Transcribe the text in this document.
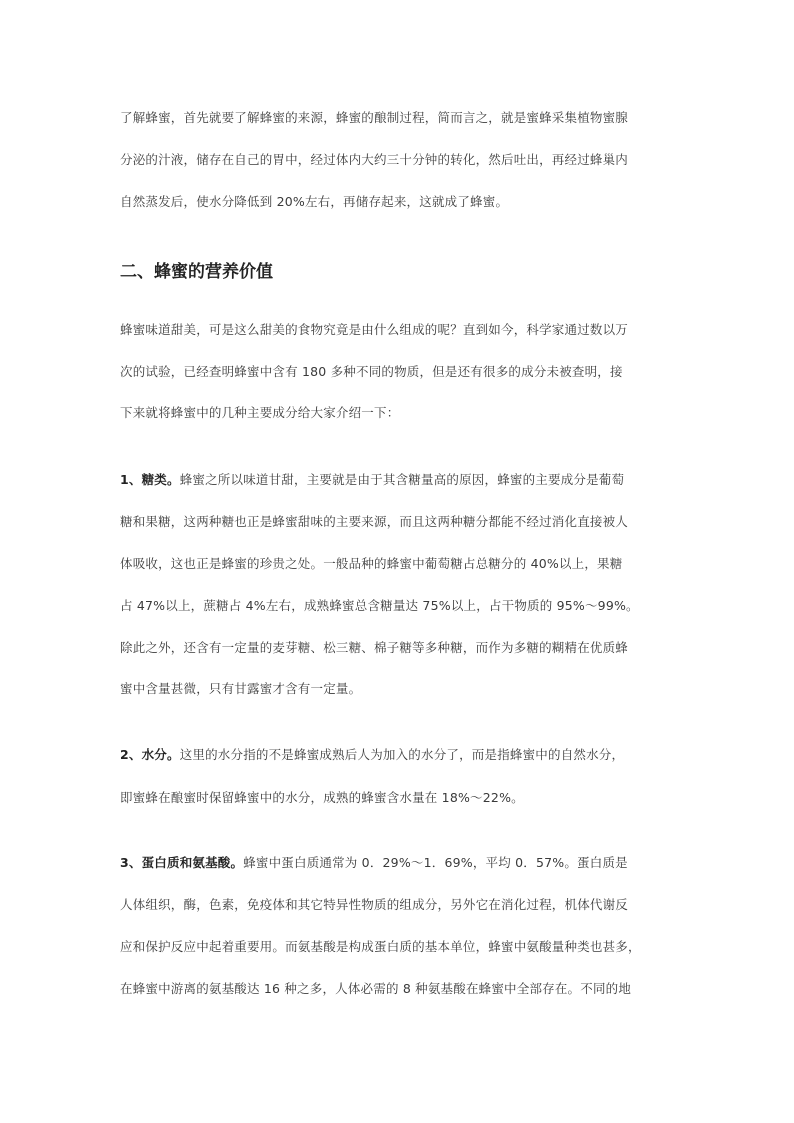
了解蜂蜜，首先就要了解蜂蜜的来源，蜂蜜的酿制过程，简而言之，就是蜜蜂采集植物蜜腺
分泌的汁液，储存在自己的胃中，经过体内大约三十分钟的转化，然后吐出，再经过蜂巢内
自然蒸发后，使水分降低到 20%左右，再储存起来，这就成了蜂蜜。
二、蜂蜜的营养价值
蜂蜜味道甜美，可是这么甜美的食物究竟是由什么组成的呢？直到如今，科学家通过数以万
次的试验，已经查明蜂蜜中含有 180 多种不同的物质，但是还有很多的成分未被查明，接
下来就将蜂蜜中的几种主要成分给大家介绍一下：
1、糖类。蜂蜜之所以味道甘甜，主要就是由于其含糖量高的原因，蜂蜜的主要成分是葡萄
糖和果糖，这两种糖也正是蜂蜜甜味的主要来源，而且这两种糖分都能不经过消化直接被人
体吸收，这也正是蜂蜜的珍贵之处。一般品种的蜂蜜中葡萄糖占总糖分的 40%以上，果糖
占 47%以上，蔗糖占 4%左右，成熟蜂蜜总含糖量达 75%以上，占干物质的 95%～99%。
除此之外，还含有一定量的麦芽糖、松三糖、棉子糖等多种糖，而作为多糖的糊精在优质蜂
蜜中含量甚微，只有甘露蜜才含有一定量。
2、水分。这里的水分指的不是蜂蜜成熟后人为加入的水分了，而是指蜂蜜中的自然水分，
即蜜蜂在酿蜜时保留蜂蜜中的水分，成熟的蜂蜜含水量在 18%～22%。
3、蛋白质和氨基酸。蜂蜜中蛋白质通常为 0．29%～1．69%，平均 0．57%。蛋白质是
人体组织，酶，色素，免疫体和其它特异性物质的组成分，另外它在消化过程，机体代谢反
应和保护反应中起着重要用。而氨基酸是构成蛋白质的基本单位，蜂蜜中氨酸量种类也甚多，
在蜂蜜中游离的氨基酸达 16 种之多，人体必需的 8 种氨基酸在蜂蜜中全部存在。不同的地
